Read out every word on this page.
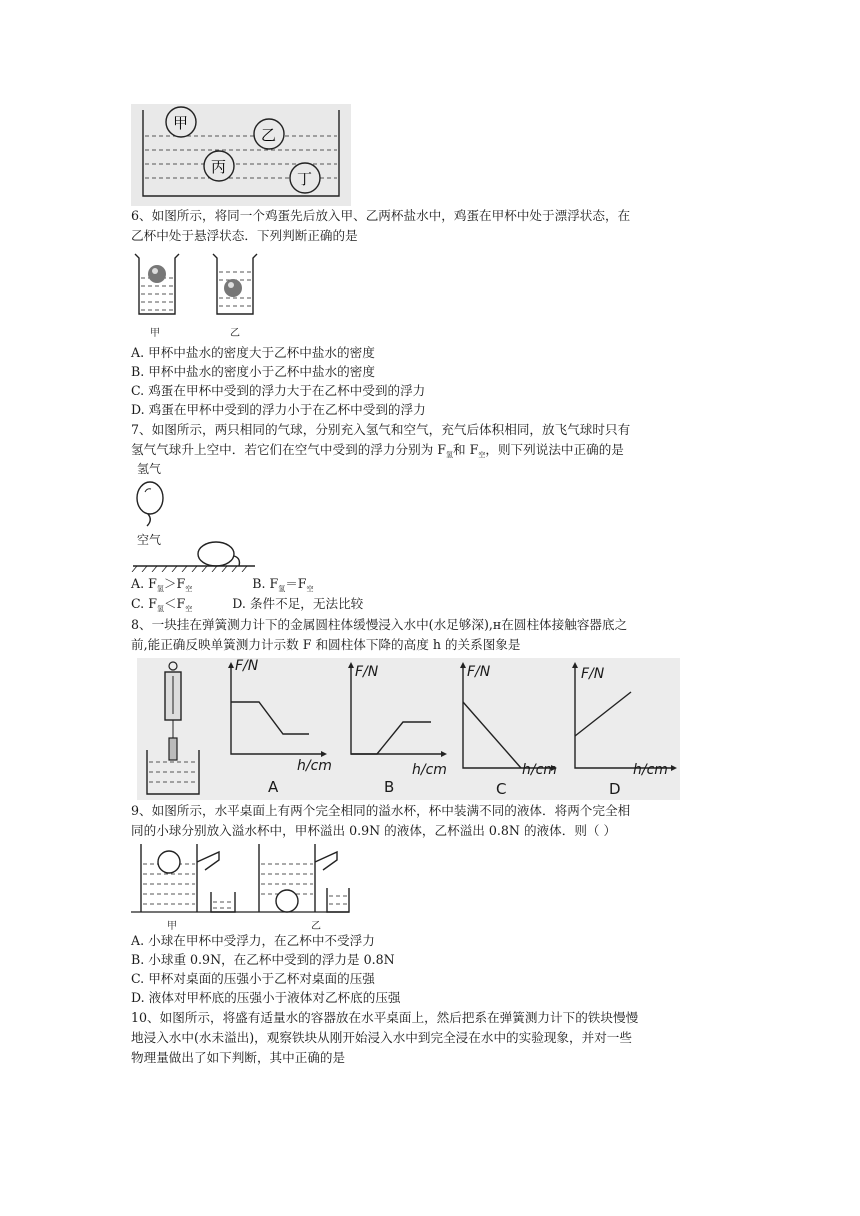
甲
乙
丙
丁
6、如图所示，将同一个鸡蛋先后放入甲、乙两杯盐水中，鸡蛋在甲杯中处于漂浮状态，在
乙杯中处于悬浮状态．下列判断正确的是
甲	乙
A. 甲杯中盐水的密度大于乙杯中盐水的密度
B. 甲杯中盐水的密度小于乙杯中盐水的密度
C. 鸡蛋在甲杯中受到的浮力大于在乙杯中受到的浮力
D. 鸡蛋在甲杯中受到的浮力小于在乙杯中受到的浮力
7、如图所示，两只相同的气球，分别充入氢气和空气，充气后体积相同，放飞气球时只有
氢气气球升上空中．若它们在空气中受到的浮力分别为 $F_氢$和 $F_空$，则下列说法中正确的是
氢气
空气
A. $F_氢>F_空$	B. $F_氢=F_空$
C. $F_氢<F_空$	D. 条件不足，无法比较
8、一块挂在弹簧测力计下的金属圆柱体缓慢浸入水中(水足够深),н在圆柱体接触容器底之
前,能正确反映单簧测力计示数 F 和圆柱体下降的高度 h 的关系图象是
F/N
h/cm
A
F/N
h/cm
B
F/N
h/cm
C
F/N
h/cm
D
9、如图所示，水平桌面上有两个完全相同的溢水杯，杯中装满不同的液体．将两个完全相
同的小球分别放入溢水杯中，甲杯溢出 0.9N 的液体，乙杯溢出 0.8N 的液体．则（ ）
甲	乙
A. 小球在甲杯中受浮力，在乙杯中不受浮力
B. 小球重 0.9N，在乙杯中受到的浮力是 0.8N
C. 甲杯对桌面的压强小于乙杯对桌面的压强
D. 液体对甲杯底的压强小于液体对乙杯底的压强
10、如图所示，将盛有适量水的容器放在水平桌面上，然后把系在弹簧测力计下的铁块慢慢
地浸入水中(水未溢出)，观察铁块从刚开始浸入水中到完全浸在水中的实验现象，并对一些
物理量做出了如下判断，其中正确的是
